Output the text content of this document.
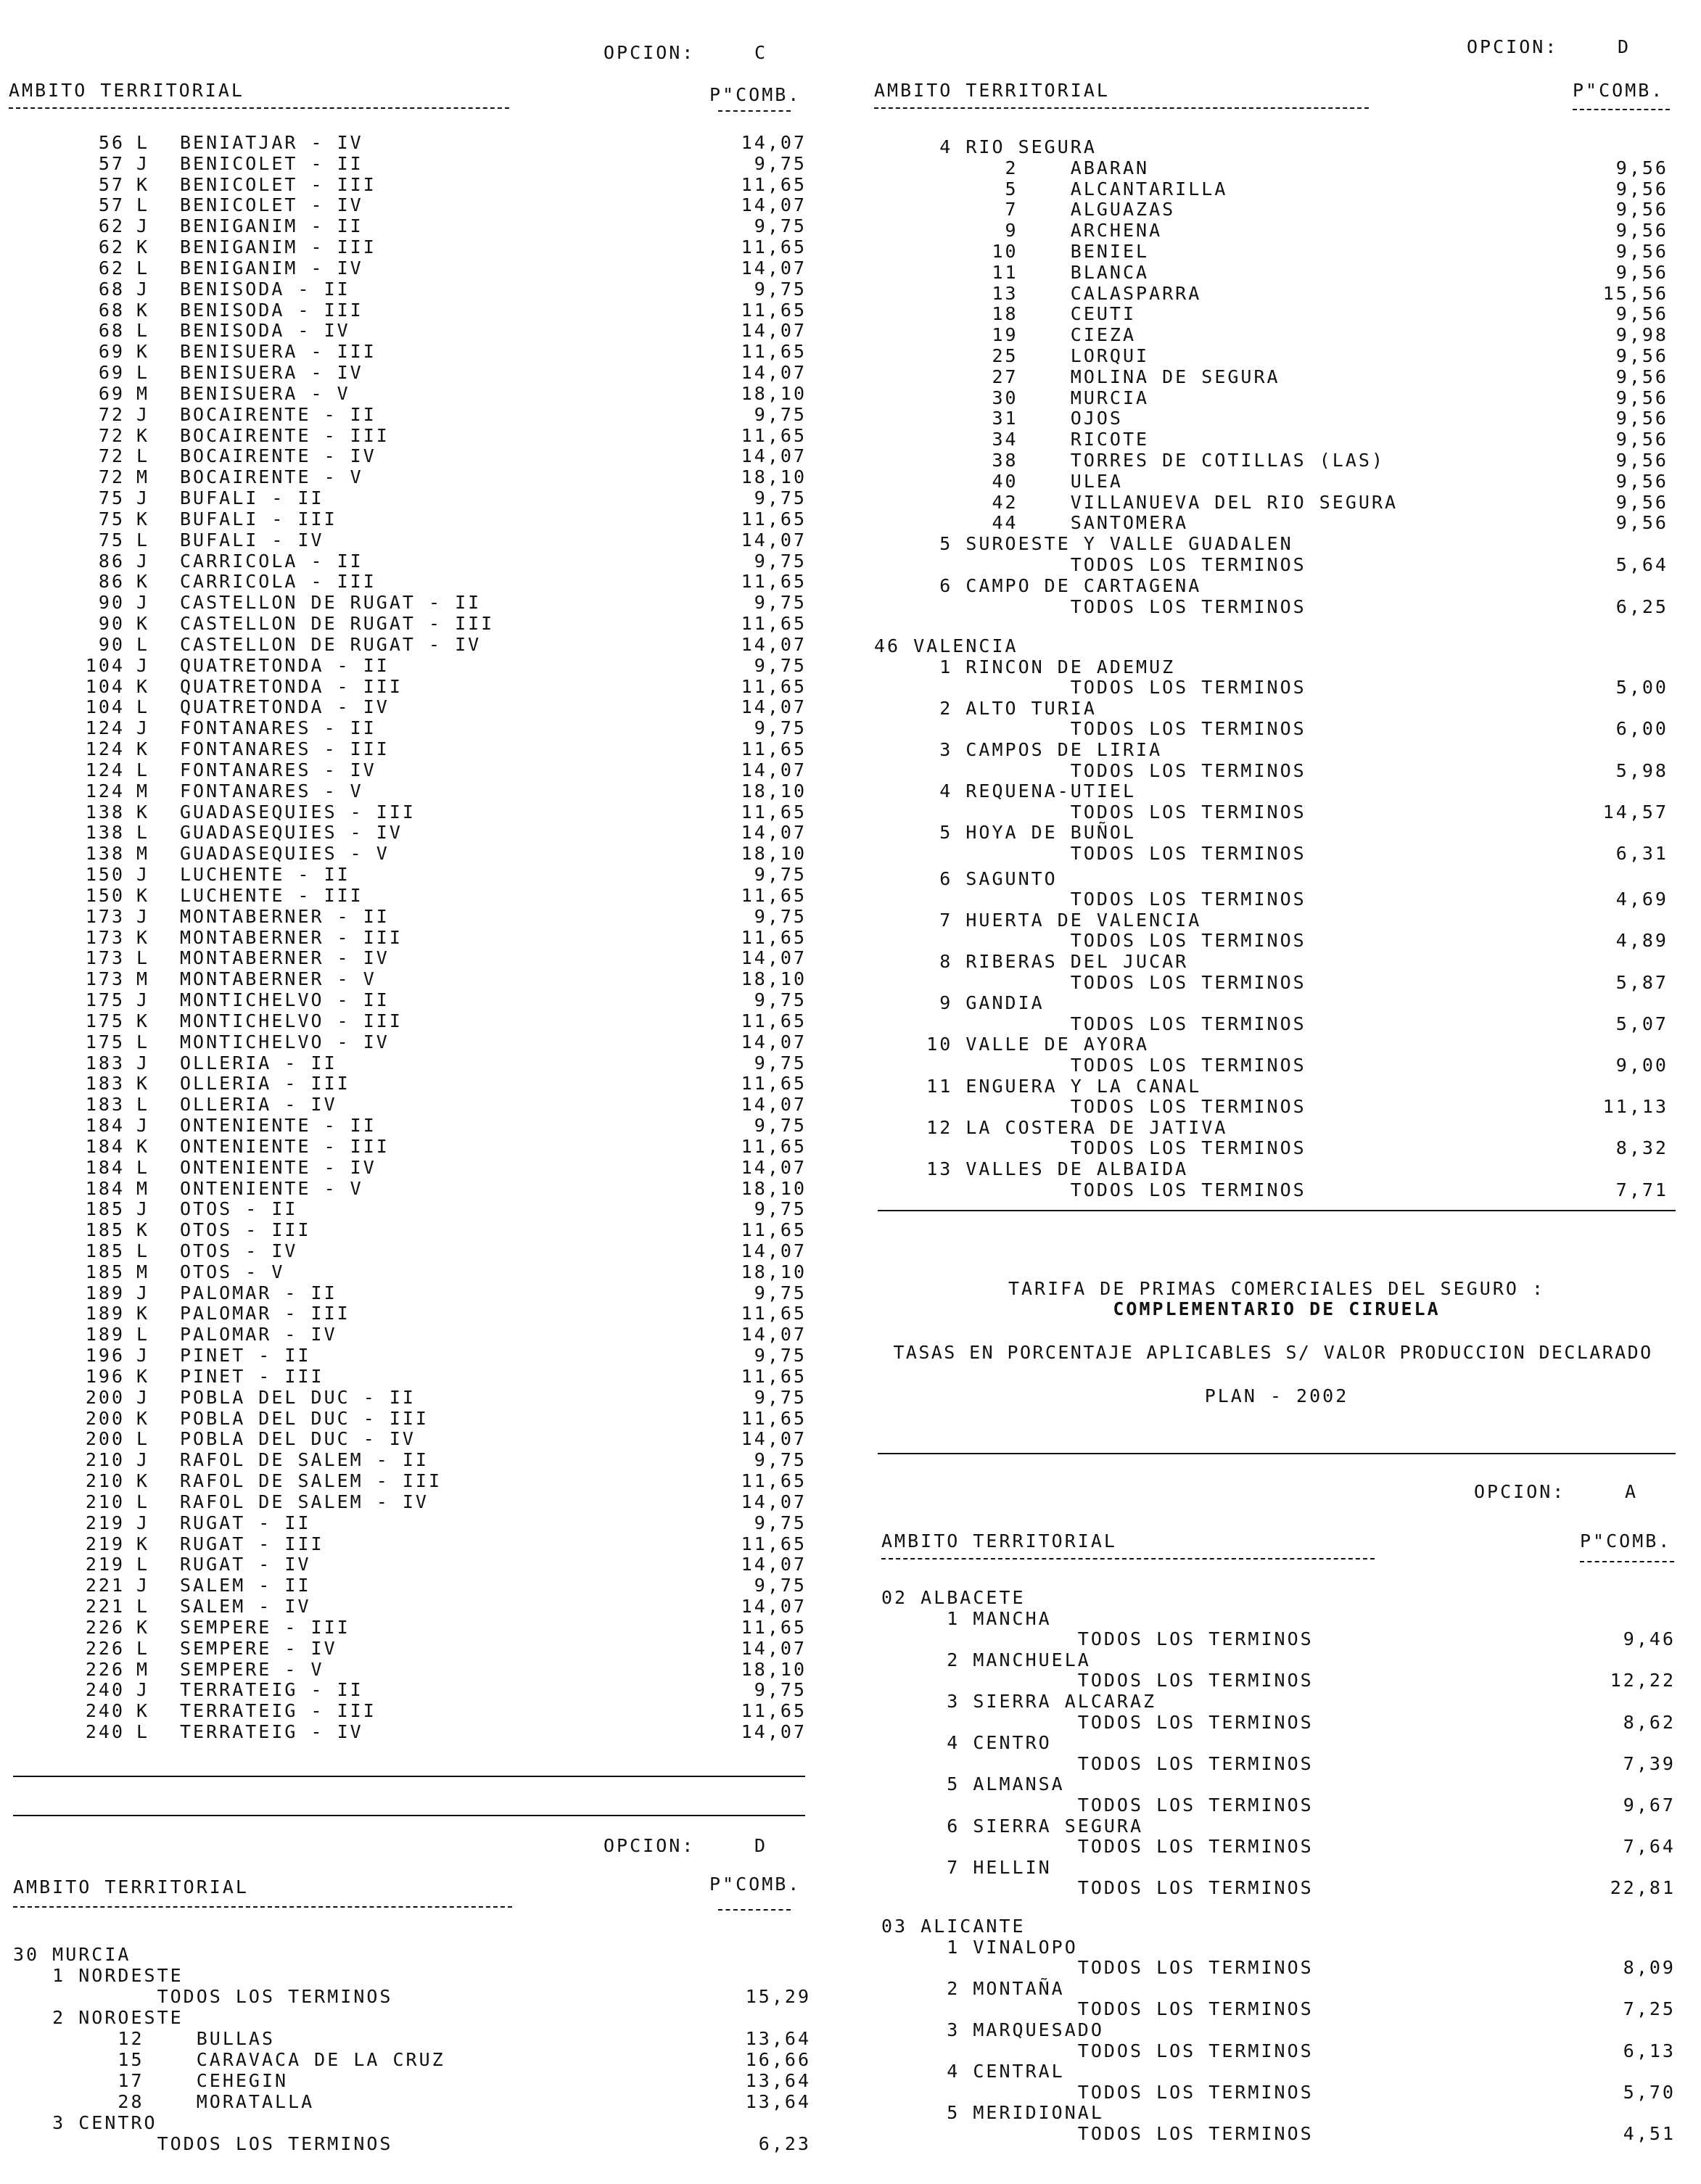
OPCION:	C
AMBITO TERRITORIAL	P"COMB.
56 L BENIATJAR - IV	14,07
57 J BENICOLET - II	9,75
57 K BENICOLET - III	11,65
57 L BENICOLET - IV	14,07
62 J BENIGANIM - II	9,75
62 K BENIGANIM - III	11,65
62 L BENIGANIM - IV	14,07
68 J BENISODA - II	9,75
68 K BENISODA - III	11,65
68 L BENISODA - IV	14,07
69 K BENISUERA - III	11,65
69 L BENISUERA - IV	14,07
69 M BENISUERA - V	18,10
72 J BOCAIRENTE - II	9,75
72 K BOCAIRENTE - III	11,65
72 L BOCAIRENTE - IV	14,07
72 M BOCAIRENTE - V	18,10
75 J BUFALI - II	9,75
75 K BUFALI - III	11,65
75 L BUFALI - IV	14,07
86 J CARRICOLA - II	9,75
86 K CARRICOLA - III	11,65
90 J CASTELLON DE RUGAT - II	9,75
90 K CASTELLON DE RUGAT - III	11,65
90 L CASTELLON DE RUGAT - IV	14,07
104 J QUATRETONDA - II	9,75
104 K QUATRETONDA - III	11,65
104 L QUATRETONDA - IV	14,07
124 J FONTANARES - II	9,75
124 K FONTANARES - III	11,65
124 L FONTANARES - IV	14,07
124 M FONTANARES - V	18,10
138 K GUADASEQUIES - III	11,65
138 L GUADASEQUIES - IV	14,07
138 M GUADASEQUIES - V	18,10
150 J LUCHENTE - II	9,75
150 K LUCHENTE - III	11,65
173 J MONTABERNER - II	9,75
173 K MONTABERNER - III	11,65
173 L MONTABERNER - IV	14,07
173 M MONTABERNER - V	18,10
175 J MONTICHELVO - II	9,75
175 K MONTICHELVO - III	11,65
175 L MONTICHELVO - IV	14,07
183 J OLLERIA - II	9,75
183 K OLLERIA - III	11,65
183 L OLLERIA - IV	14,07
184 J ONTENIENTE - II	9,75
184 K ONTENIENTE - III	11,65
184 L ONTENIENTE - IV	14,07
184 M ONTENIENTE - V	18,10
185 J OTOS - II	9,75
185 K OTOS - III	11,65
185 L OTOS - IV	14,07
185 M OTOS - V	18,10
189 J PALOMAR - II	9,75
189 K PALOMAR - III	11,65
189 L PALOMAR - IV	14,07
196 J PINET - II	9,75
196 K PINET - III	11,65
200 J POBLA DEL DUC - II	9,75
200 K POBLA DEL DUC - III	11,65
200 L POBLA DEL DUC - IV	14,07
210 J RAFOL DE SALEM - II	9,75
210 K RAFOL DE SALEM - III	11,65
210 L RAFOL DE SALEM - IV	14,07
219 J RUGAT - II	9,75
219 K RUGAT - III	11,65
219 L RUGAT - IV	14,07
221 J SALEM - II	9,75
221 L SALEM - IV	14,07
226 K SEMPERE - III	11,65
226 L SEMPERE - IV	14,07
226 M SEMPERE - V	18,10
240 J TERRATEIG - II	9,75
240 K TERRATEIG - III	11,65
240 L TERRATEIG - IV	14,07
OPCION:	D
AMBITO TERRITORIAL	P"COMB.
30 MURCIA
1 NORDESTE
TODOS LOS TERMINOS	15,29
2 NOROESTE
12    BULLAS	13,64
15    CARAVACA DE LA CRUZ	16,66
17    CEHEGIN	13,64
28    MORATALLA	13,64
3 CENTRO
TODOS LOS TERMINOS	6,23
OPCION:	D
AMBITO TERRITORIAL	P"COMB.
4 RIO SEGURA
2    ABARAN	9,56
5    ALCANTARILLA	9,56
7    ALGUAZAS	9,56
9    ARCHENA	9,56
10    BENIEL	9,56
11    BLANCA	9,56
13    CALASPARRA	15,56
18    CEUTI	9,56
19    CIEZA	9,98
25    LORQUI	9,56
27    MOLINA DE SEGURA	9,56
30    MURCIA	9,56
31    OJOS	9,56
34    RICOTE	9,56
38    TORRES DE COTILLAS (LAS)	9,56
40    ULEA	9,56
42    VILLANUEVA DEL RIO SEGURA	9,56
44    SANTOMERA	9,56
5 SUROESTE Y VALLE GUADALEN
TODOS LOS TERMINOS	5,64
6 CAMPO DE CARTAGENA
TODOS LOS TERMINOS	6,25
46 VALENCIA
1 RINCON DE ADEMUZ
TODOS LOS TERMINOS	5,00
2 ALTO TURIA
TODOS LOS TERMINOS	6,00
3 CAMPOS DE LIRIA
TODOS LOS TERMINOS	5,98
4 REQUENA-UTIEL
TODOS LOS TERMINOS	14,57
5 HOYA DE BUÑOL
TODOS LOS TERMINOS	6,31
6 SAGUNTO
TODOS LOS TERMINOS	4,69
7 HUERTA DE VALENCIA
TODOS LOS TERMINOS	4,89
8 RIBERAS DEL JUCAR
TODOS LOS TERMINOS	5,87
9 GANDIA
TODOS LOS TERMINOS	5,07
10 VALLE DE AYORA
TODOS LOS TERMINOS	9,00
11 ENGUERA Y LA CANAL
TODOS LOS TERMINOS	11,13
12 LA COSTERA DE JATIVA
TODOS LOS TERMINOS	8,32
13 VALLES DE ALBAIDA
TODOS LOS TERMINOS	7,71
TARIFA DE PRIMAS COMERCIALES DEL SEGURO :
COMPLEMENTARIO DE CIRUELA
TASAS EN PORCENTAJE APLICABLES S/ VALOR PRODUCCION DECLARADO
PLAN - 2002
OPCION:	A
AMBITO TERRITORIAL	P"COMB.
02 ALBACETE
1 MANCHA
TODOS LOS TERMINOS	9,46
2 MANCHUELA
TODOS LOS TERMINOS	12,22
3 SIERRA ALCARAZ
TODOS LOS TERMINOS	8,62
4 CENTRO
TODOS LOS TERMINOS	7,39
5 ALMANSA
TODOS LOS TERMINOS	9,67
6 SIERRA SEGURA
TODOS LOS TERMINOS	7,64
7 HELLIN
TODOS LOS TERMINOS	22,81
03 ALICANTE
1 VINALOPO
TODOS LOS TERMINOS	8,09
2 MONTAÑA
TODOS LOS TERMINOS	7,25
3 MARQUESADO
TODOS LOS TERMINOS	6,13
4 CENTRAL
TODOS LOS TERMINOS	5,70
5 MERIDIONAL
TODOS LOS TERMINOS	4,51
